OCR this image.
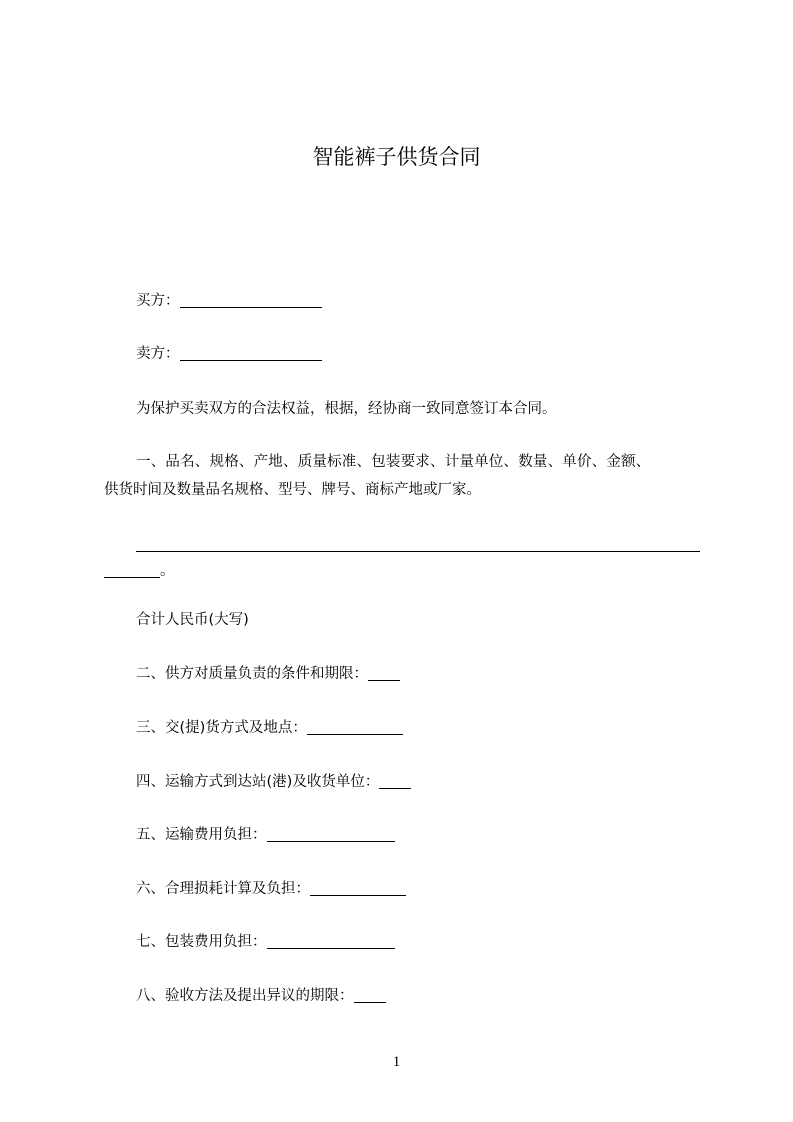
智能裤子供货合同
买方：
卖方：
为保护买卖双方的合法权益，根据，经协商一致同意签订本合同。
一、品名、规格、产地、质量标准、包装要求、计量单位、数量、单价、金额、
供货时间及数量品名规格、型号、牌号、商标产地或厂家。
。
合计人民币(大写)
二、供方对质量负责的条件和期限：
三、交(提)货方式及地点：
四、运输方式到达站(港)及收货单位：
五、运输费用负担：
六、合理损耗计算及负担：
七、包装费用负担：
八、验收方法及提出异议的期限：
1
